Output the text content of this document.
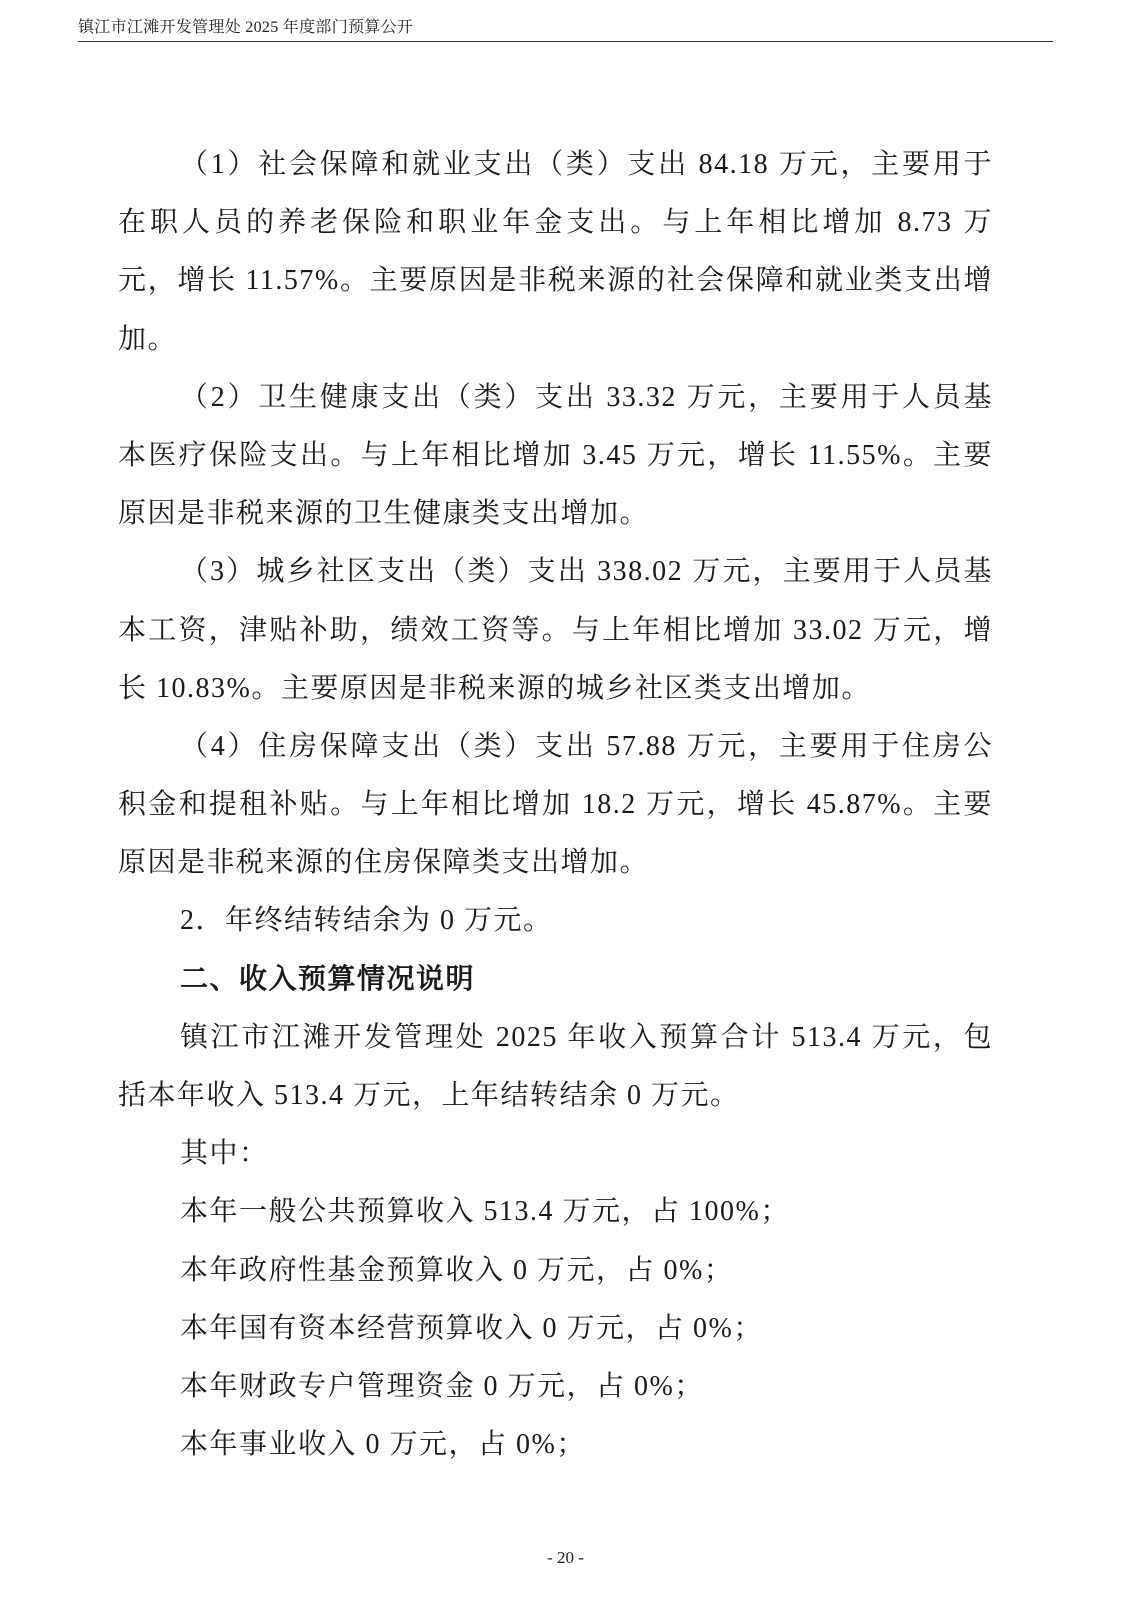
镇江市江滩开发管理处 2025 年度部门预算公开
（1）社会保障和就业支出（类）支出 84.18 万元，主要用于
在职人员的养老保险和职业年金支出。与上年相比增加 8.73 万
元，增长 11.57%。主要原因是非税来源的社会保障和就业类支出增
加。
（2）卫生健康支出（类）支出 33.32 万元，主要用于人员基
本医疗保险支出。与上年相比增加 3.45 万元，增长 11.55%。主要
原因是非税来源的卫生健康类支出增加。
（3）城乡社区支出（类）支出 338.02 万元，主要用于人员基
本工资，津贴补助，绩效工资等。与上年相比增加 33.02 万元，增
长 10.83%。主要原因是非税来源的城乡社区类支出增加。
（4）住房保障支出（类）支出 57.88 万元，主要用于住房公
积金和提租补贴。与上年相比增加 18.2 万元，增长 45.87%。主要
原因是非税来源的住房保障类支出增加。
2．年终结转结余为 0 万元。
二、收入预算情况说明
镇江市江滩开发管理处 2025 年收入预算合计 513.4 万元，包
括本年收入 513.4 万元，上年结转结余 0 万元。
其中：
本年一般公共预算收入 513.4 万元，占 100%；
本年政府性基金预算收入 0 万元，占 0%；
本年国有资本经营预算收入 0 万元，占 0%；
本年财政专户管理资金 0 万元，占 0%；
本年事业收入 0 万元，占 0%；
- 20 -
